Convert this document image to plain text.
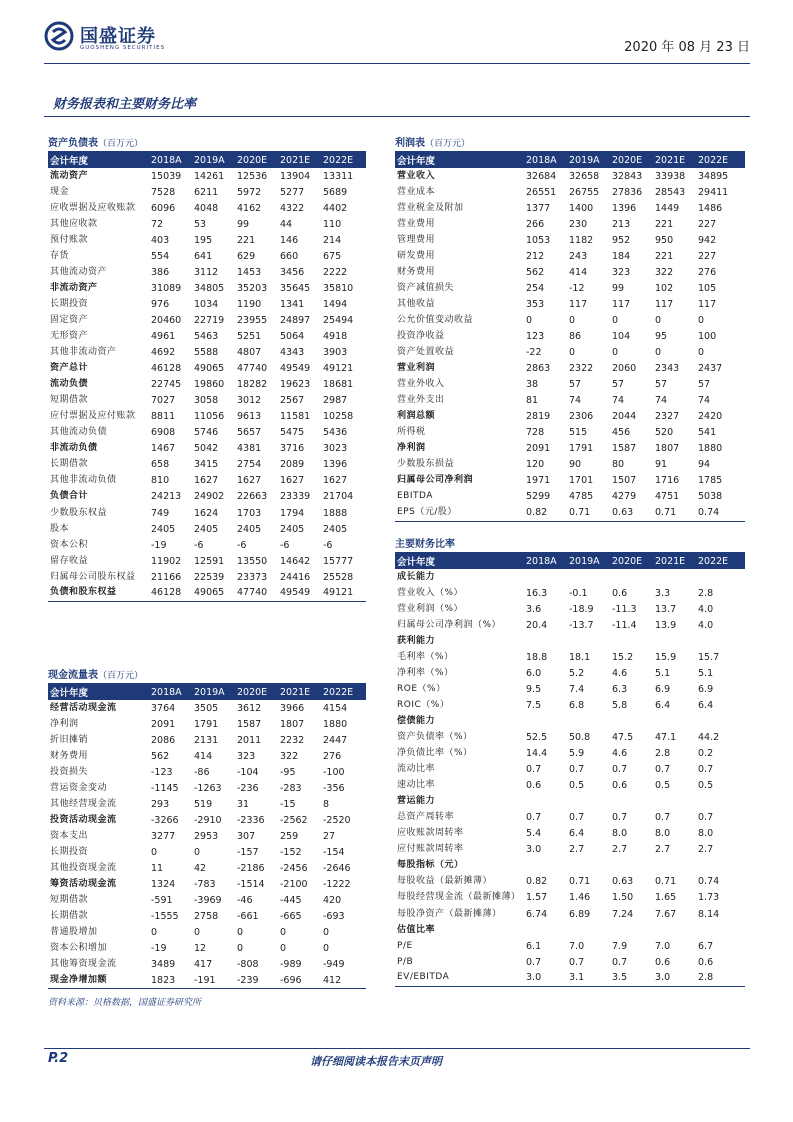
国盛证券
GUOSHENG SECURITIES	2020 年 08 月 23 日
财务报表和主要财务比率
资产负债表（百万元）
会计年度	2018A	2019A	2020E	2021E	2022E
流动资产	15039	14261	12536	13904	13311
现金	7528	6211	5972	5277	5689
应收票据及应收账款	6096	4048	4162	4322	4402
其他应收款	72	53	99	44	110
预付账款	403	195	221	146	214
存货	554	641	629	660	675
其他流动资产	386	3112	1453	3456	2222
非流动资产	31089	34805	35203	35645	35810
长期投资	976	1034	1190	1341	1494
固定资产	20460	22719	23955	24897	25494
无形资产	4961	5463	5251	5064	4918
其他非流动资产	4692	5588	4807	4343	3903
资产总计	46128	49065	47740	49549	49121
流动负债	22745	19860	18282	19623	18681
短期借款	7027	3058	3012	2567	2987
应付票据及应付账款	8811	11056	9613	11581	10258
其他流动负债	6908	5746	5657	5475	5436
非流动负债	1467	5042	4381	3716	3023
长期借款	658	3415	2754	2089	1396
其他非流动负债	810	1627	1627	1627	1627
负债合计	24213	24902	22663	23339	21704
少数股东权益	749	1624	1703	1794	1888
股本	2405	2405	2405	2405	2405
资本公积	-19	-6	-6	-6	-6
留存收益	11902	12591	13550	14642	15777
归属母公司股东权益	21166	22539	23373	24416	25528
负债和股东权益	46128	49065	47740	49549	49121
现金流量表（百万元）
会计年度	2018A	2019A	2020E	2021E	2022E
经营活动现金流	3764	3505	3612	3966	4154
净利润	2091	1791	1587	1807	1880
折旧摊销	2086	2131	2011	2232	2447
财务费用	562	414	323	322	276
投资损失	-123	-86	-104	-95	-100
营运资金变动	-1145	-1263	-236	-283	-356
其他经营现金流	293	519	31	-15	8
投资活动现金流	-3266	-2910	-2336	-2562	-2520
资本支出	3277	2953	307	259	27
长期投资	0	0	-157	-152	-154
其他投资现金流	11	42	-2186	-2456	-2646
筹资活动现金流	1324	-783	-1514	-2100	-1222
短期借款	-591	-3969	-46	-445	420
长期借款	-1555	2758	-661	-665	-693
普通股增加	0	0	0	0	0
资本公积增加	-19	12	0	0	0
其他筹资现金流	3489	417	-808	-989	-949
现金净增加额	1823	-191	-239	-696	412
利润表（百万元）
会计年度	2018A	2019A	2020E	2021E	2022E
营业收入	32684	32658	32843	33938	34895
营业成本	26551	26755	27836	28543	29411
营业税金及附加	1377	1400	1396	1449	1486
营业费用	266	230	213	221	227
管理费用	1053	1182	952	950	942
研发费用	212	243	184	221	227
财务费用	562	414	323	322	276
资产减值损失	254	-12	99	102	105
其他收益	353	117	117	117	117
公允价值变动收益	0	0	0	0	0
投资净收益	123	86	104	95	100
资产处置收益	-22	0	0	0	0
营业利润	2863	2322	2060	2343	2437
营业外收入	38	57	57	57	57
营业外支出	81	74	74	74	74
利润总额	2819	2306	2044	2327	2420
所得税	728	515	456	520	541
净利润	2091	1791	1587	1807	1880
少数股东损益	120	90	80	91	94
归属母公司净利润	1971	1701	1507	1716	1785
EBITDA	5299	4785	4279	4751	5038
EPS（元/股）	0.82	0.71	0.63	0.71	0.74
主要财务比率
会计年度	2018A	2019A	2020E	2021E	2022E
成长能力					
营业收入（%）	16.3	-0.1	0.6	3.3	2.8
营业利润（%）	3.6	-18.9	-11.3	13.7	4.0
归属母公司净利润（%）	20.4	-13.7	-11.4	13.9	4.0
获利能力					
毛利率（%）	18.8	18.1	15.2	15.9	15.7
净利率（%）	6.0	5.2	4.6	5.1	5.1
ROE（%）	9.5	7.4	6.3	6.9	6.9
ROIC（%）	7.5	6.8	5.8	6.4	6.4
偿债能力					
资产负债率（%）	52.5	50.8	47.5	47.1	44.2
净负债比率（%）	14.4	5.9	4.6	2.8	0.2
流动比率	0.7	0.7	0.7	0.7	0.7
速动比率	0.6	0.5	0.6	0.5	0.5
营运能力					
总资产周转率	0.7	0.7	0.7	0.7	0.7
应收账款周转率	5.4	6.4	8.0	8.0	8.0
应付账款周转率	3.0	2.7	2.7	2.7	2.7
每股指标（元）					
每股收益（最新摊薄）	0.82	0.71	0.63	0.71	0.74
每股经营现金流（最新摊薄）	1.57	1.46	1.50	1.65	1.73
每股净资产（最新摊薄）	6.74	6.89	7.24	7.67	8.14
估值比率					
P/E	6.1	7.0	7.9	7.0	6.7
P/B	0.7	0.7	0.7	0.6	0.6
EV/EBITDA	3.0	3.1	3.5	3.0	2.8
资料来源：贝格数据，国盛证券研究所
P.2	请仔细阅读本报告末页声明
